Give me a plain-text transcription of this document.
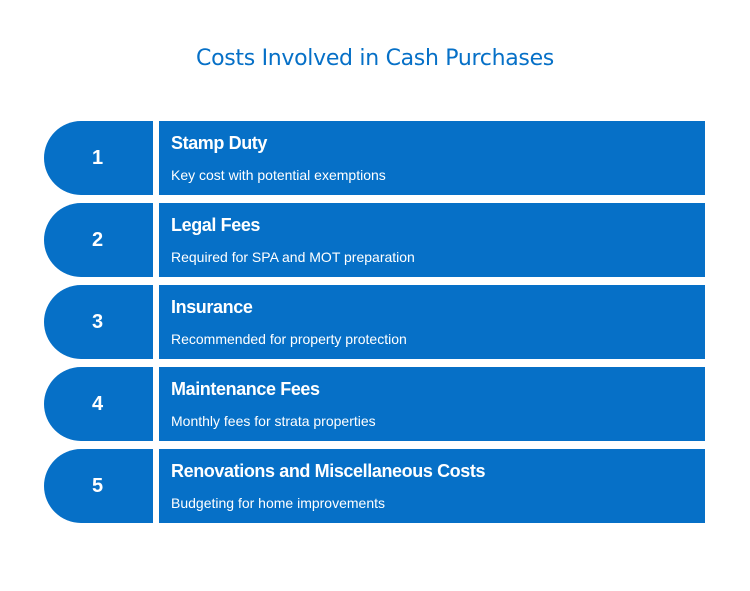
Costs Involved in Cash Purchases
1
Stamp Duty
Key cost with potential exemptions
2
Legal Fees
Required for SPA and MOT preparation
3
Insurance
Recommended for property protection
4
Maintenance Fees
Monthly fees for strata properties
5
Renovations and Miscellaneous Costs
Budgeting for home improvements
